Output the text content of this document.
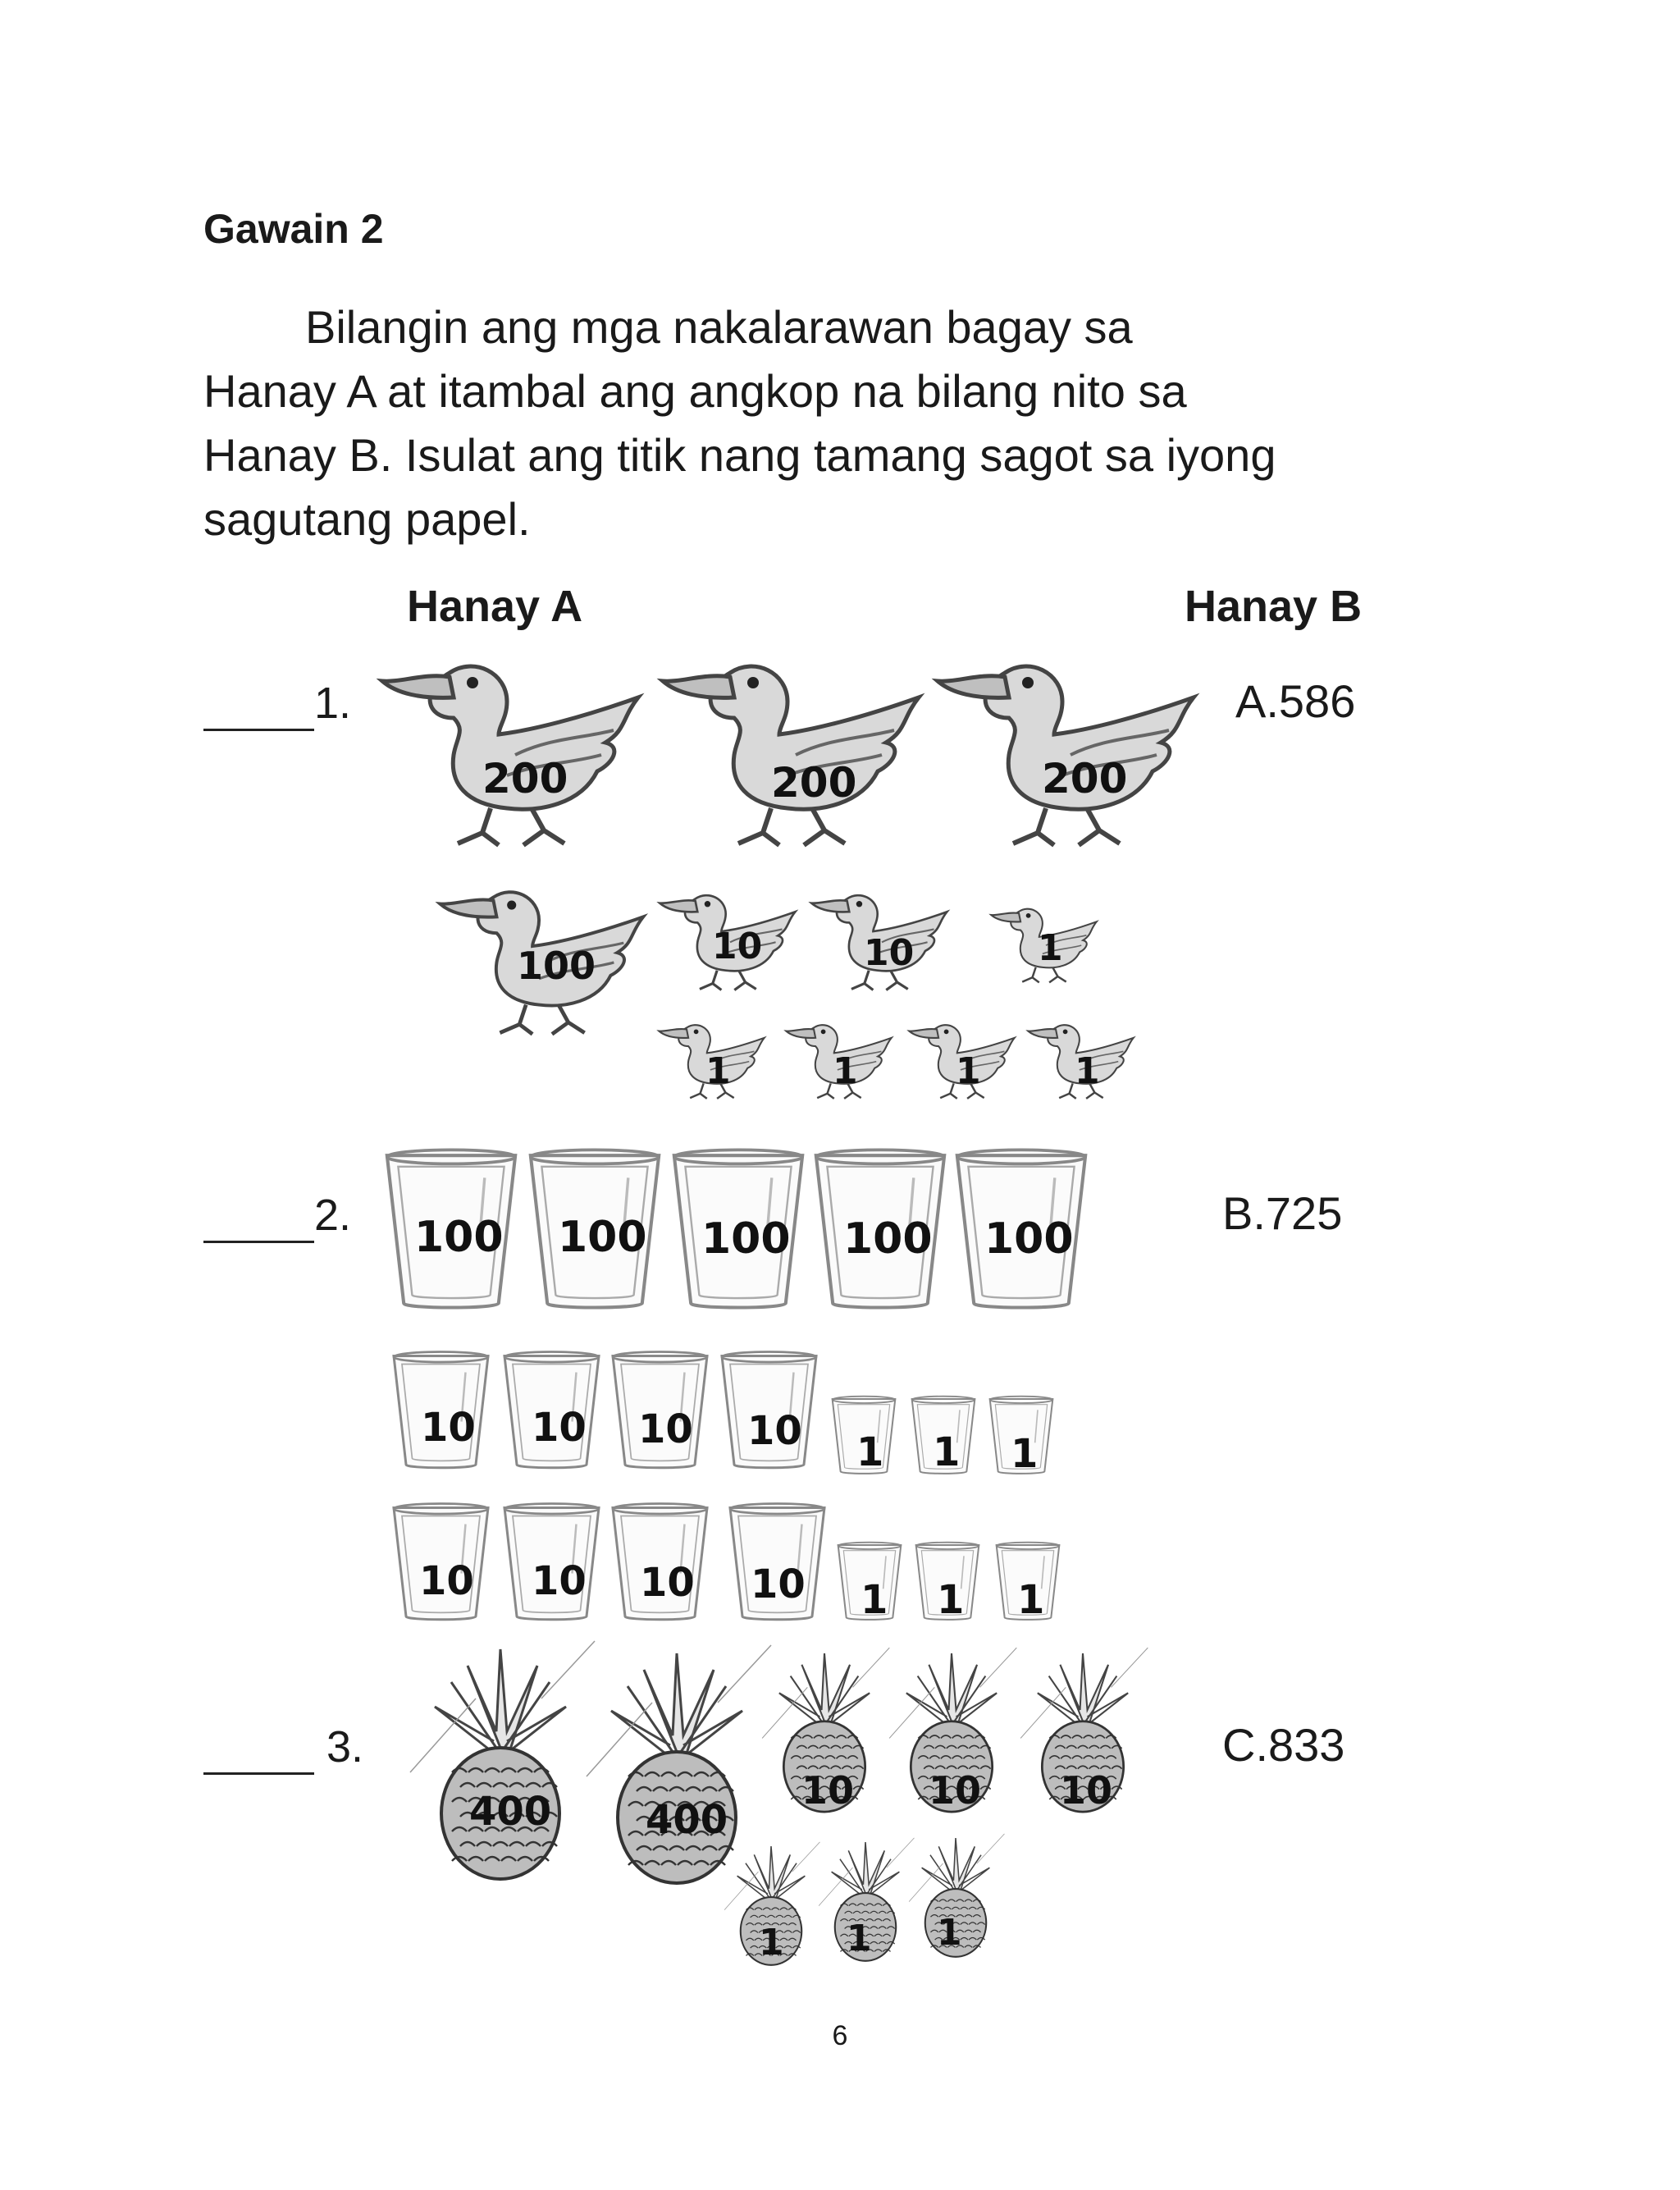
Gawain 2
Bilangin ang mga nakalarawan bagay sa
Hanay A at itambal ang angkop na bilang nito sa
Hanay B. Isulat ang titik nang tamang sagot sa iyong
sagutang papel.
Hanay A	Hanay B
1.	A.586
2.	B.725
3.	C.833
200	200	200
100	10	10	1
1	1	1	1
100 100 100 100 100
10 10 10 10 1 1 1
10 10 10 10 1 1 1
400 400
10 10 10
1 1 1
6
